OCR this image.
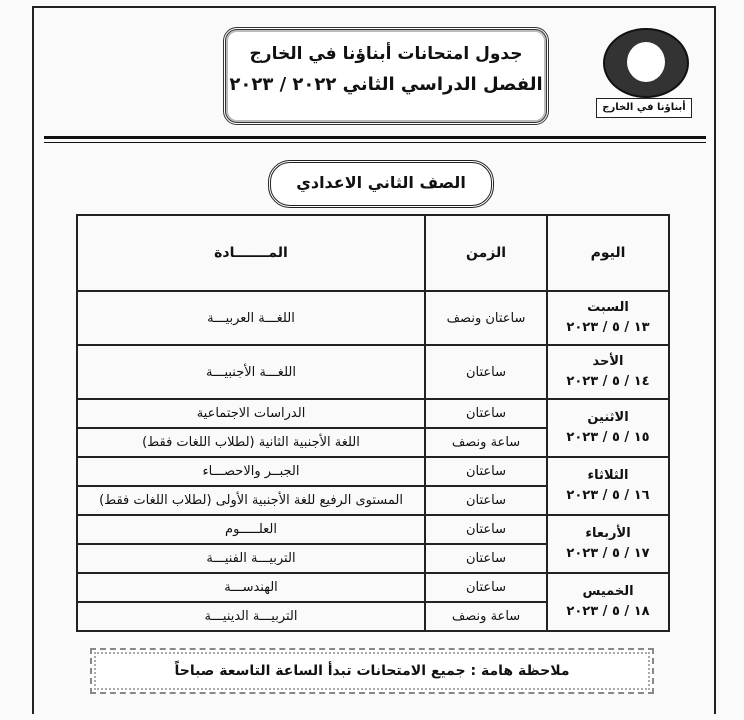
أبناؤنا في الخارج
جدول امتحانات أبناؤنا في الخارج
الفصل الدراسي الثاني ٢٠٢٢ / ٢٠٢٣
الصف الثاني الاعدادي
اليوم	الزمن	المـــــــادة

السبت
١٣ / ٥ / ٢٠٢٣	ساعتان ونصف	اللغـــة العربيـــة

الأحد
١٤ / ٥ / ٢٠٢٣	ساعتان	اللغـــة الأجنبيـــة

الاثنين
١٥ / ٥ / ٢٠٢٣	ساعتان	الدراسات الاجتماعية
	ساعة ونصف	اللغة الأجنبية الثانية (لطلاب اللغات فقط)

الثلاثاء
١٦ / ٥ / ٢٠٢٣	ساعتان	الجبــر والاحصـــاء
	ساعتان	المستوى الرفيع للغة الأجنبية الأولى (لطلاب اللغات فقط)

الأربعاء
١٧ / ٥ / ٢٠٢٣	ساعتان	العلـــــوم
	ساعتان	التربيـــة الفنيـــة

الخميس
١٨ / ٥ / ٢٠٢٣	ساعتان	الهندســـة
	ساعة ونصف	التربيـــة الدينيـــة
ملاحظة هامة : جميع الامتحانات تبدأ الساعة التاسعة صباحاً
